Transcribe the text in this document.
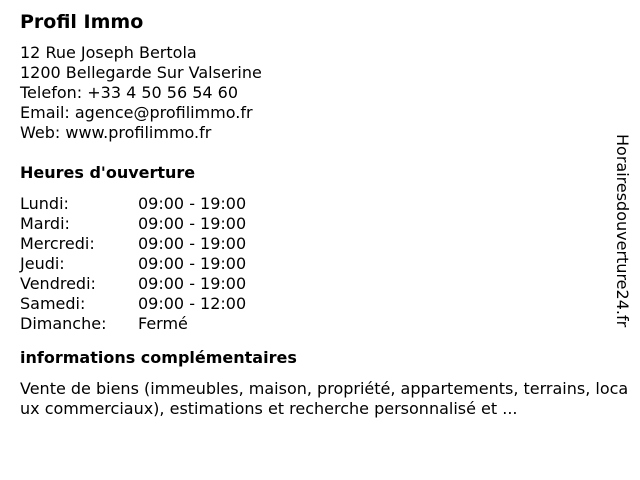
Profil Immo
12 Rue Joseph Bertola
1200 Bellegarde Sur Valserine
Telefon: +33 4 50 56 54 60
Email: agence@profilimmo.fr
Web: www.profilimmo.fr
Heures d'ouverture
Lundi:	09:00 - 19:00
Mardi:	09:00 - 19:00
Mercredi:	09:00 - 19:00
Jeudi:	09:00 - 19:00
Vendredi:	09:00 - 19:00
Samedi:	09:00 - 12:00
Dimanche:	Fermé
informations complémentaires
Vente de biens (immeubles, maison, propriété, appartements, terrains, locaux commerciaux), estimations et recherche personnalisé et ...
Horairesdouverture24.fr
